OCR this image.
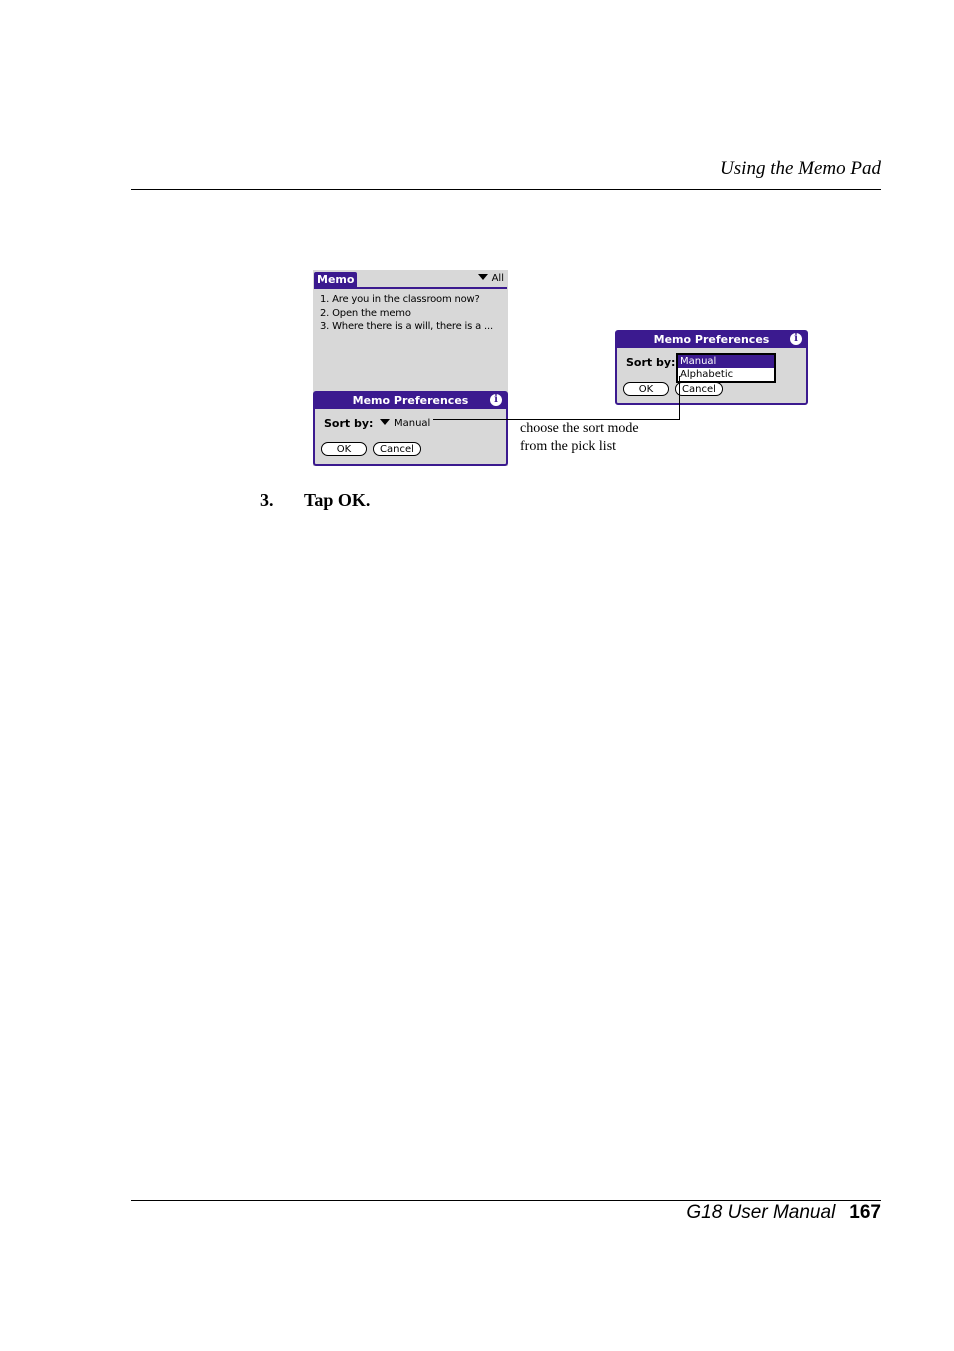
Using the Memo Pad
Memo	All
1. Are you in the classroom now?
2. Open the memo
3. Where there is a will, there is a ...
Memo Preferences	i
Sort by:	Manual
OK	Cancel
Memo Preferences	i
Sort by:
OK	Cancel
Manual
Alphabetic
choose the sort mode
from the pick list
3. Tap OK.
G18 User Manual 167
